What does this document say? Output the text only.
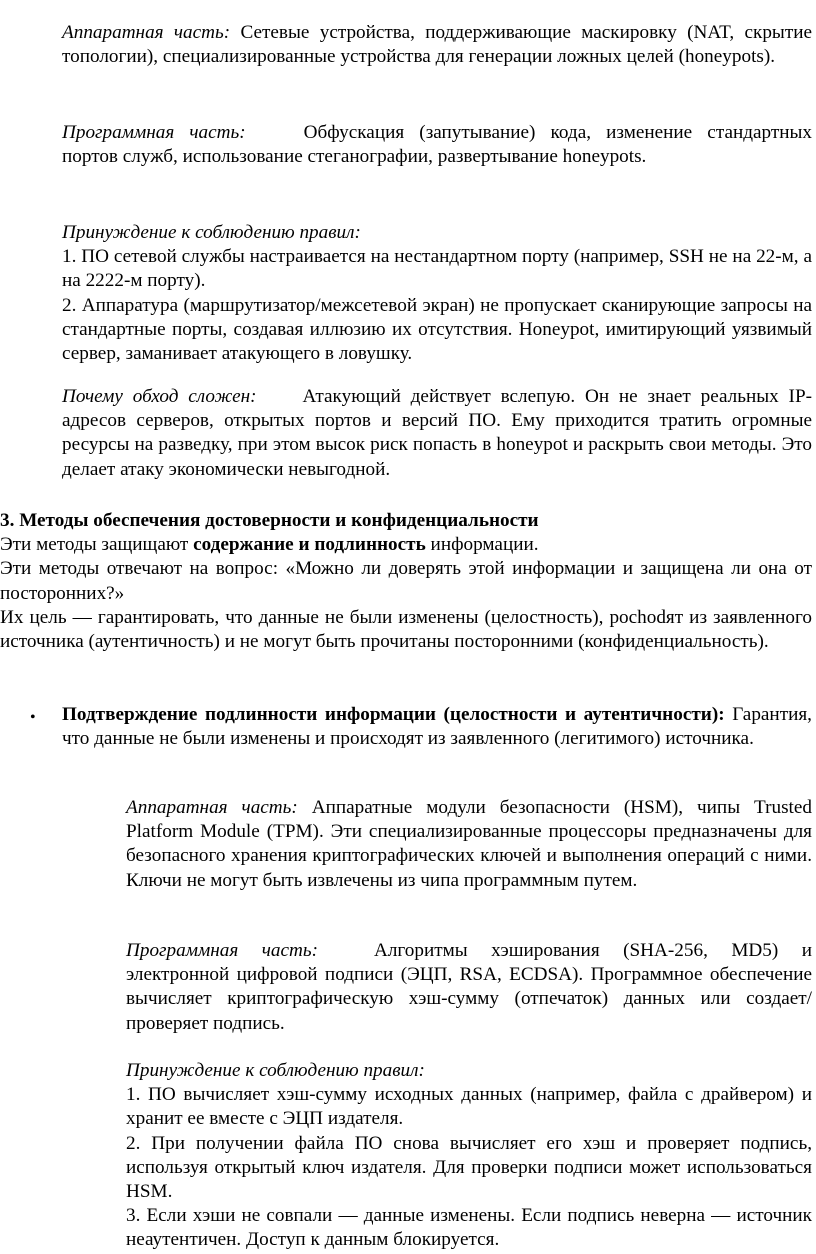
Аппаратная часть: Сетевые устройства, поддерживающие маскировку (NAT, скрытие топологии), специализированные устройства для генерации ложных целей (honeypots).

Программная часть:	Обфускация (запутывание) кода, изменение стандартных портов служб, использование стеганографии, развертывание honeypots.

Принуждение к соблюдению правил:
1. ПО сетевой службы настраивается на нестандартном порту (например, SSH не на 22-м, а на 2222-м порту).
2. Аппаратура (маршрутизатор/межсетевой экран) не пропускает сканирующие запросы на стандартные порты, создавая иллюзию их отсутствия. Honeypot, имитирующий уязвимый сервер, заманивает атакующего в ловушку.

Почему обход сложен: Атакующий действует вслепую. Он не знает реальных IP-адресов серверов, открытых портов и версий ПО. Ему приходится тратить огромные ресурсы на разведку, при этом высок риск попасть в honeypot и раскрыть свои методы. Это делает атаку экономически невыгодной.

3. Методы обеспечения достоверности и конфиденциальности
Эти методы защищают содержание и подлинность информации.
Эти методы отвечают на вопрос: «Можно ли доверять этой информации и защищена ли она от посторонних?»
Их цель — гарантировать, что данные не были изменены (целостность), pochodят из заявленного источника (аутентичность) и не могут быть прочитаны посторонними (конфиденциальность).
• Подтверждение подлинности информации (целостности и аутентичности): Гарантия, что данные не были изменены и происходят из заявленного (легитимого) источника.

Аппаратная часть: Аппаратные модули безопасности (HSM), чипы Trusted Platform Module (TPM). Эти специализированные процессоры предназначены для безопасного хранения криптографических ключей и выполнения операций с ними. Ключи не могут быть извлечены из чипа программным путем.

Программная часть:	Алгоритмы хэширования (SHA-256, MD5) и электронной цифровой подписи (ЭЦП, RSA, ECDSA). Программное обеспечение вычисляет криптографическую хэш-сумму (отпечаток) данных или создает/проверяет подпись.

Принуждение к соблюдению правил:
1. ПО вычисляет хэш-сумму исходных данных (например, файла с драйвером) и хранит ее вместе с ЭЦП издателя.
2. При получении файла ПО снова вычисляет его хэш и проверяет подпись, используя открытый ключ издателя. Для проверки подписи может использоваться HSM.
3. Если хэши не совпали — данные изменены. Если подпись неверна — источник неаутентичен. Доступ к данным блокируется.
